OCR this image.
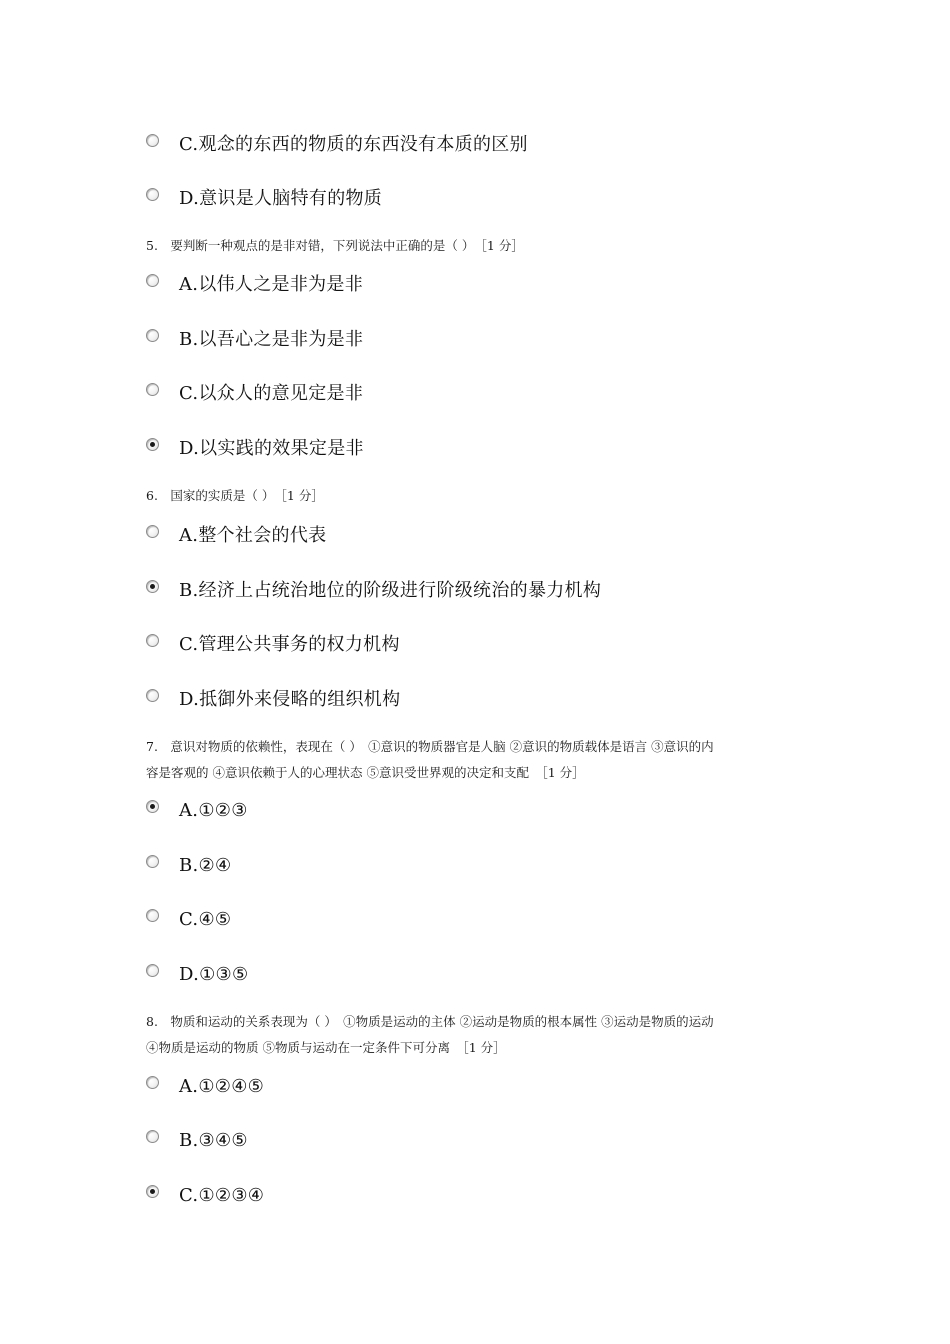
C.观念的东西的物质的东西没有本质的区别
D.意识是人脑特有的物质
5.　要判断一种观点的是非对错，下列说法中正确的是（ ）　［1 分］
A.以伟人之是非为是非
B.以吾心之是非为是非
C.以众人的意见定是非
D.以实践的效果定是非
6.　国家的实质是（ ）　［1 分］
A.整个社会的代表
B.经济上占统治地位的阶级进行阶级统治的暴力机构
C.管理公共事务的权力机构
D.抵御外来侵略的组织机构
7.　意识对物质的依赖性，表现在（ ）　①意识的物质器官是人脑 ②意识的物质载体是语言 ③意识的内
容是客观的 ④意识依赖于人的心理状态 ⑤意识受世界观的决定和支配　［1 分］
A.①②③
B.②④
C.④⑤
D.①③⑤
8.　物质和运动的关系表现为（ ）　①物质是运动的主体 ②运动是物质的根本属性 ③运动是物质的运动
④物质是运动的物质 ⑤物质与运动在一定条件下可分离　［1 分］
A.①②④⑤
B.③④⑤
C.①②③④
